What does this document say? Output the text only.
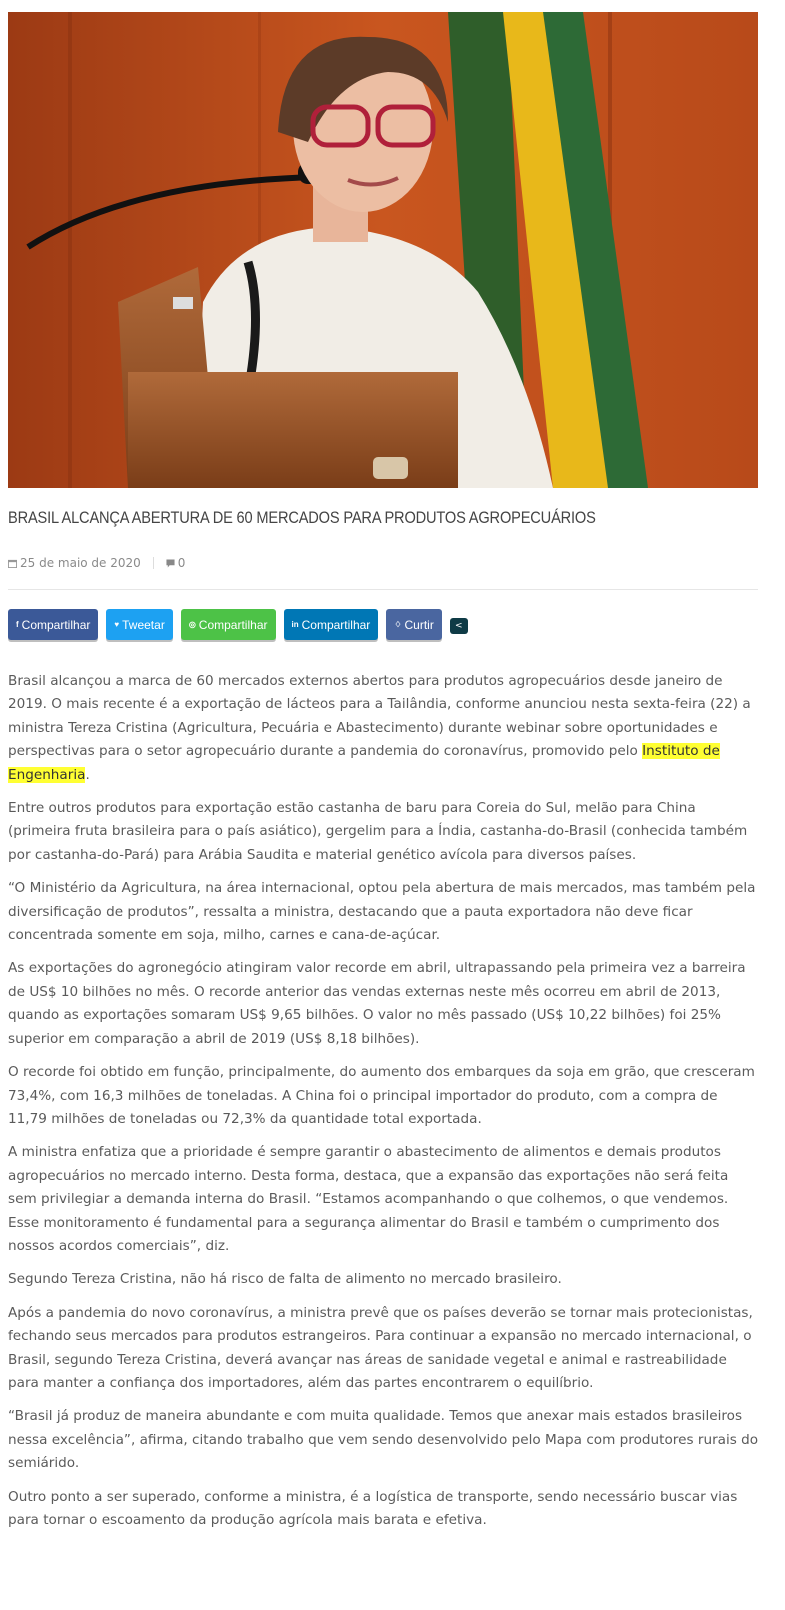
BRASIL ALCANÇA ABERTURA DE 60 MERCADOS PARA PRODUTOS AGROPECUÁRIOS
25 de maio de 2020	0
f Compartilhar	♥ Tweetar	◎ Compartilhar	in Compartilhar	♢ Curtir <

Brasil alcançou a marca de 60 mercados externos abertos para produtos agropecuários desde janeiro de 2019. O mais recente é a exportação de lácteos para a Tailândia, conforme anunciou nesta sexta-feira (22) a ministra Tereza Cristina (Agricultura, Pecuária e Abastecimento) durante webinar sobre oportunidades e perspectivas para o setor agropecuário durante a pandemia do coronavírus, promovido pelo Instituto de Engenharia.

Entre outros produtos para exportação estão castanha de baru para Coreia do Sul, melão para China (primeira fruta brasileira para o país asiático), gergelim para a Índia, castanha-do-Brasil (conhecida também por castanha-do-Pará) para Arábia Saudita e material genético avícola para diversos países.

“O Ministério da Agricultura, na área internacional, optou pela abertura de mais mercados, mas também pela diversificação de produtos”, ressalta a ministra, destacando que a pauta exportadora não deve ficar concentrada somente em soja, milho, carnes e cana-de-açúcar.

As exportações do agronegócio atingiram valor recorde em abril, ultrapassando pela primeira vez a barreira de US$ 10 bilhões no mês. O recorde anterior das vendas externas neste mês ocorreu em abril de 2013, quando as exportações somaram US$ 9,65 bilhões. O valor no mês passado (US$ 10,22 bilhões) foi 25% superior em comparação a abril de 2019 (US$ 8,18 bilhões).

O recorde foi obtido em função, principalmente, do aumento dos embarques da soja em grão, que cresceram 73,4%, com 16,3 milhões de toneladas. A China foi o principal importador do produto, com a compra de 11,79 milhões de toneladas ou 72,3% da quantidade total exportada.

A ministra enfatiza que a prioridade é sempre garantir o abastecimento de alimentos e demais produtos agropecuários no mercado interno. Desta forma, destaca, que a expansão das exportações não será feita sem privilegiar a demanda interna do Brasil. “Estamos acompanhando o que colhemos, o que vendemos. Esse monitoramento é fundamental para a segurança alimentar do Brasil e também o cumprimento dos nossos acordos comerciais”, diz.

Segundo Tereza Cristina, não há risco de falta de alimento no mercado brasileiro.

Após a pandemia do novo coronavírus, a ministra prevê que os países deverão se tornar mais protecionistas, fechando seus mercados para produtos estrangeiros. Para continuar a expansão no mercado internacional, o Brasil, segundo Tereza Cristina, deverá avançar nas áreas de sanidade vegetal e animal e rastreabilidade para manter a confiança dos importadores, além das partes encontrarem o equilíbrio.

“Brasil já produz de maneira abundante e com muita qualidade. Temos que anexar mais estados brasileiros nessa excelência”, afirma, citando trabalho que vem sendo desenvolvido pelo Mapa com produtores rurais do semiárido.

Outro ponto a ser superado, conforme a ministra, é a logística de transporte, sendo necessário buscar vias para tornar o escoamento da produção agrícola mais barata e efetiva.
